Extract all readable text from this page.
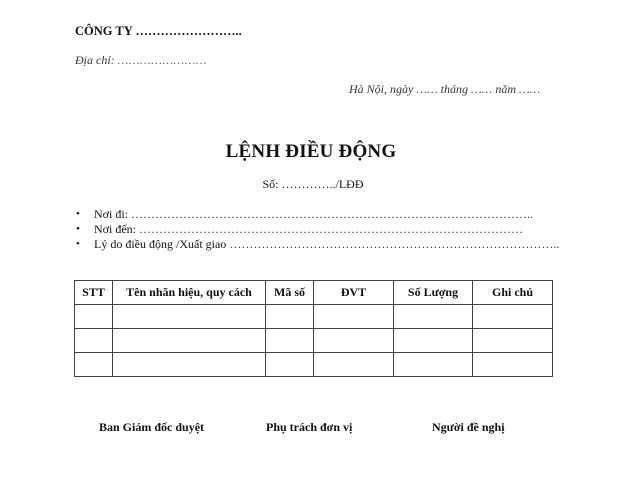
CÔNG TY ……………………..
Địa chỉ: ……………………
Hà Nội, ngày …… tháng …… năm ……
LỆNH ĐIỀU ĐỘNG
Số: …………../LĐĐ
• Nơi đi: ………………………………………………………………………………………..
• Nơi đến: ……………………………………………………………………………………
• Lý do điều động /Xuất giao ………………………………………………………………………..
STT	Tên nhãn hiệu, quy cách	Mã số	ĐVT	Số Lượng	Ghi chú

Ban Giám đốc duyệt	Phụ trách đơn vị	Người đề nghị
